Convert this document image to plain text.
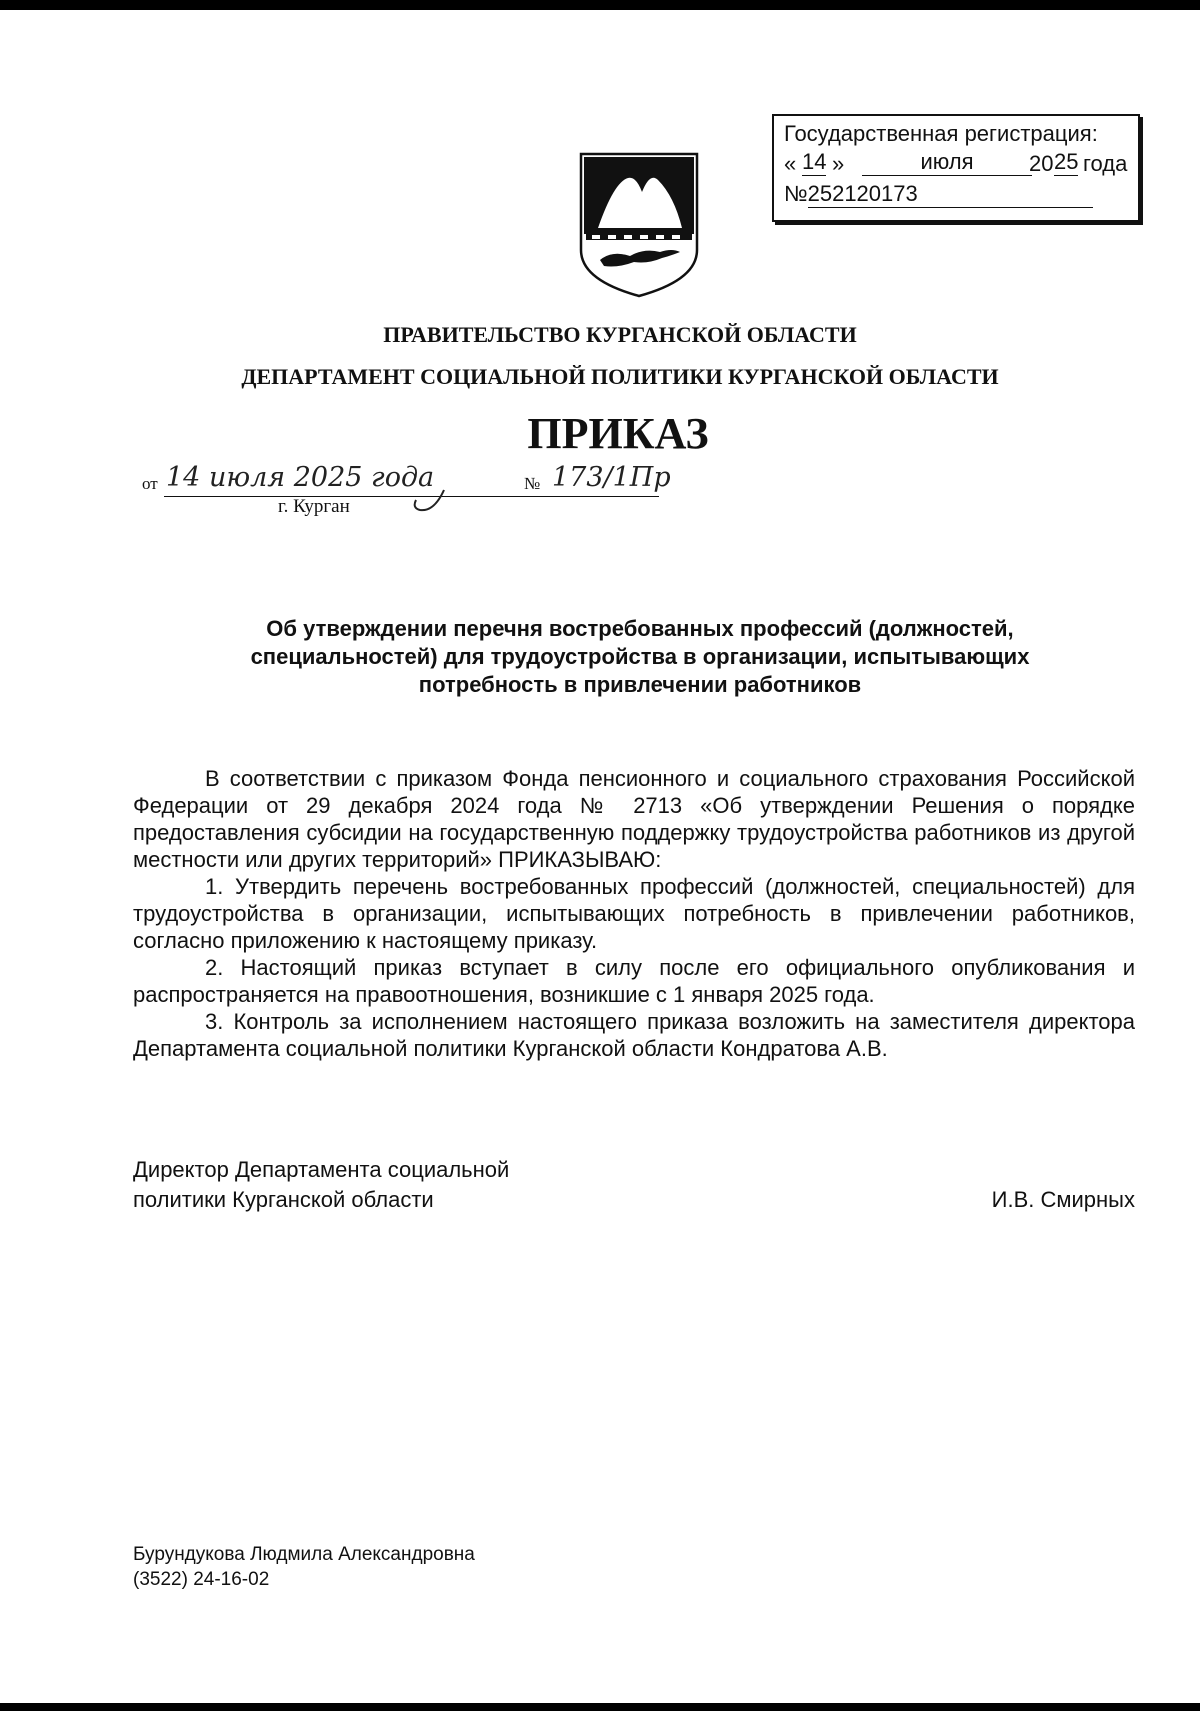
Государственная регистрация:
« 14 »	июля	20 25 года
№252120173
ПРАВИТЕЛЬСТВО КУРГАНСКОЙ ОБЛАСТИ
ДЕПАРТАМЕНТ СОЦИАЛЬНОЙ ПОЛИТИКИ КУРГАНСКОЙ ОБЛАСТИ
ПРИКАЗ
от 14 июля 2025 года	№ 173/1Пр
г. Курган
Об утверждении перечня востребованных профессий (должностей, специальностей) для трудоустройства в организации, испытывающих потребность в привлечении работников

В соответствии с приказом Фонда пенсионного и социального страхования Российской Федерации от 29 декабря 2024 года № 2713 «Об утверждении Решения о порядке предоставления субсидии на государственную поддержку трудоустройства работников из другой местности или других территорий» ПРИКАЗЫВАЮ:

1. Утвердить перечень востребованных профессий (должностей, специальностей) для трудоустройства в организации, испытывающих потребность в привлечении работников, согласно приложению к настоящему приказу.

2. Настоящий приказ вступает в силу после его официального опубликования и распространяется на правоотношения, возникшие с 1 января 2025 года.

3. Контроль за исполнением настоящего приказа возложить на заместителя директора Департамента социальной политики Курганской области Кондратова А.В.

Директор Департамента социальной
политики Курганской области	И.В. Смирных
Бурундукова Людмила Александровна
(3522) 24-16-02
